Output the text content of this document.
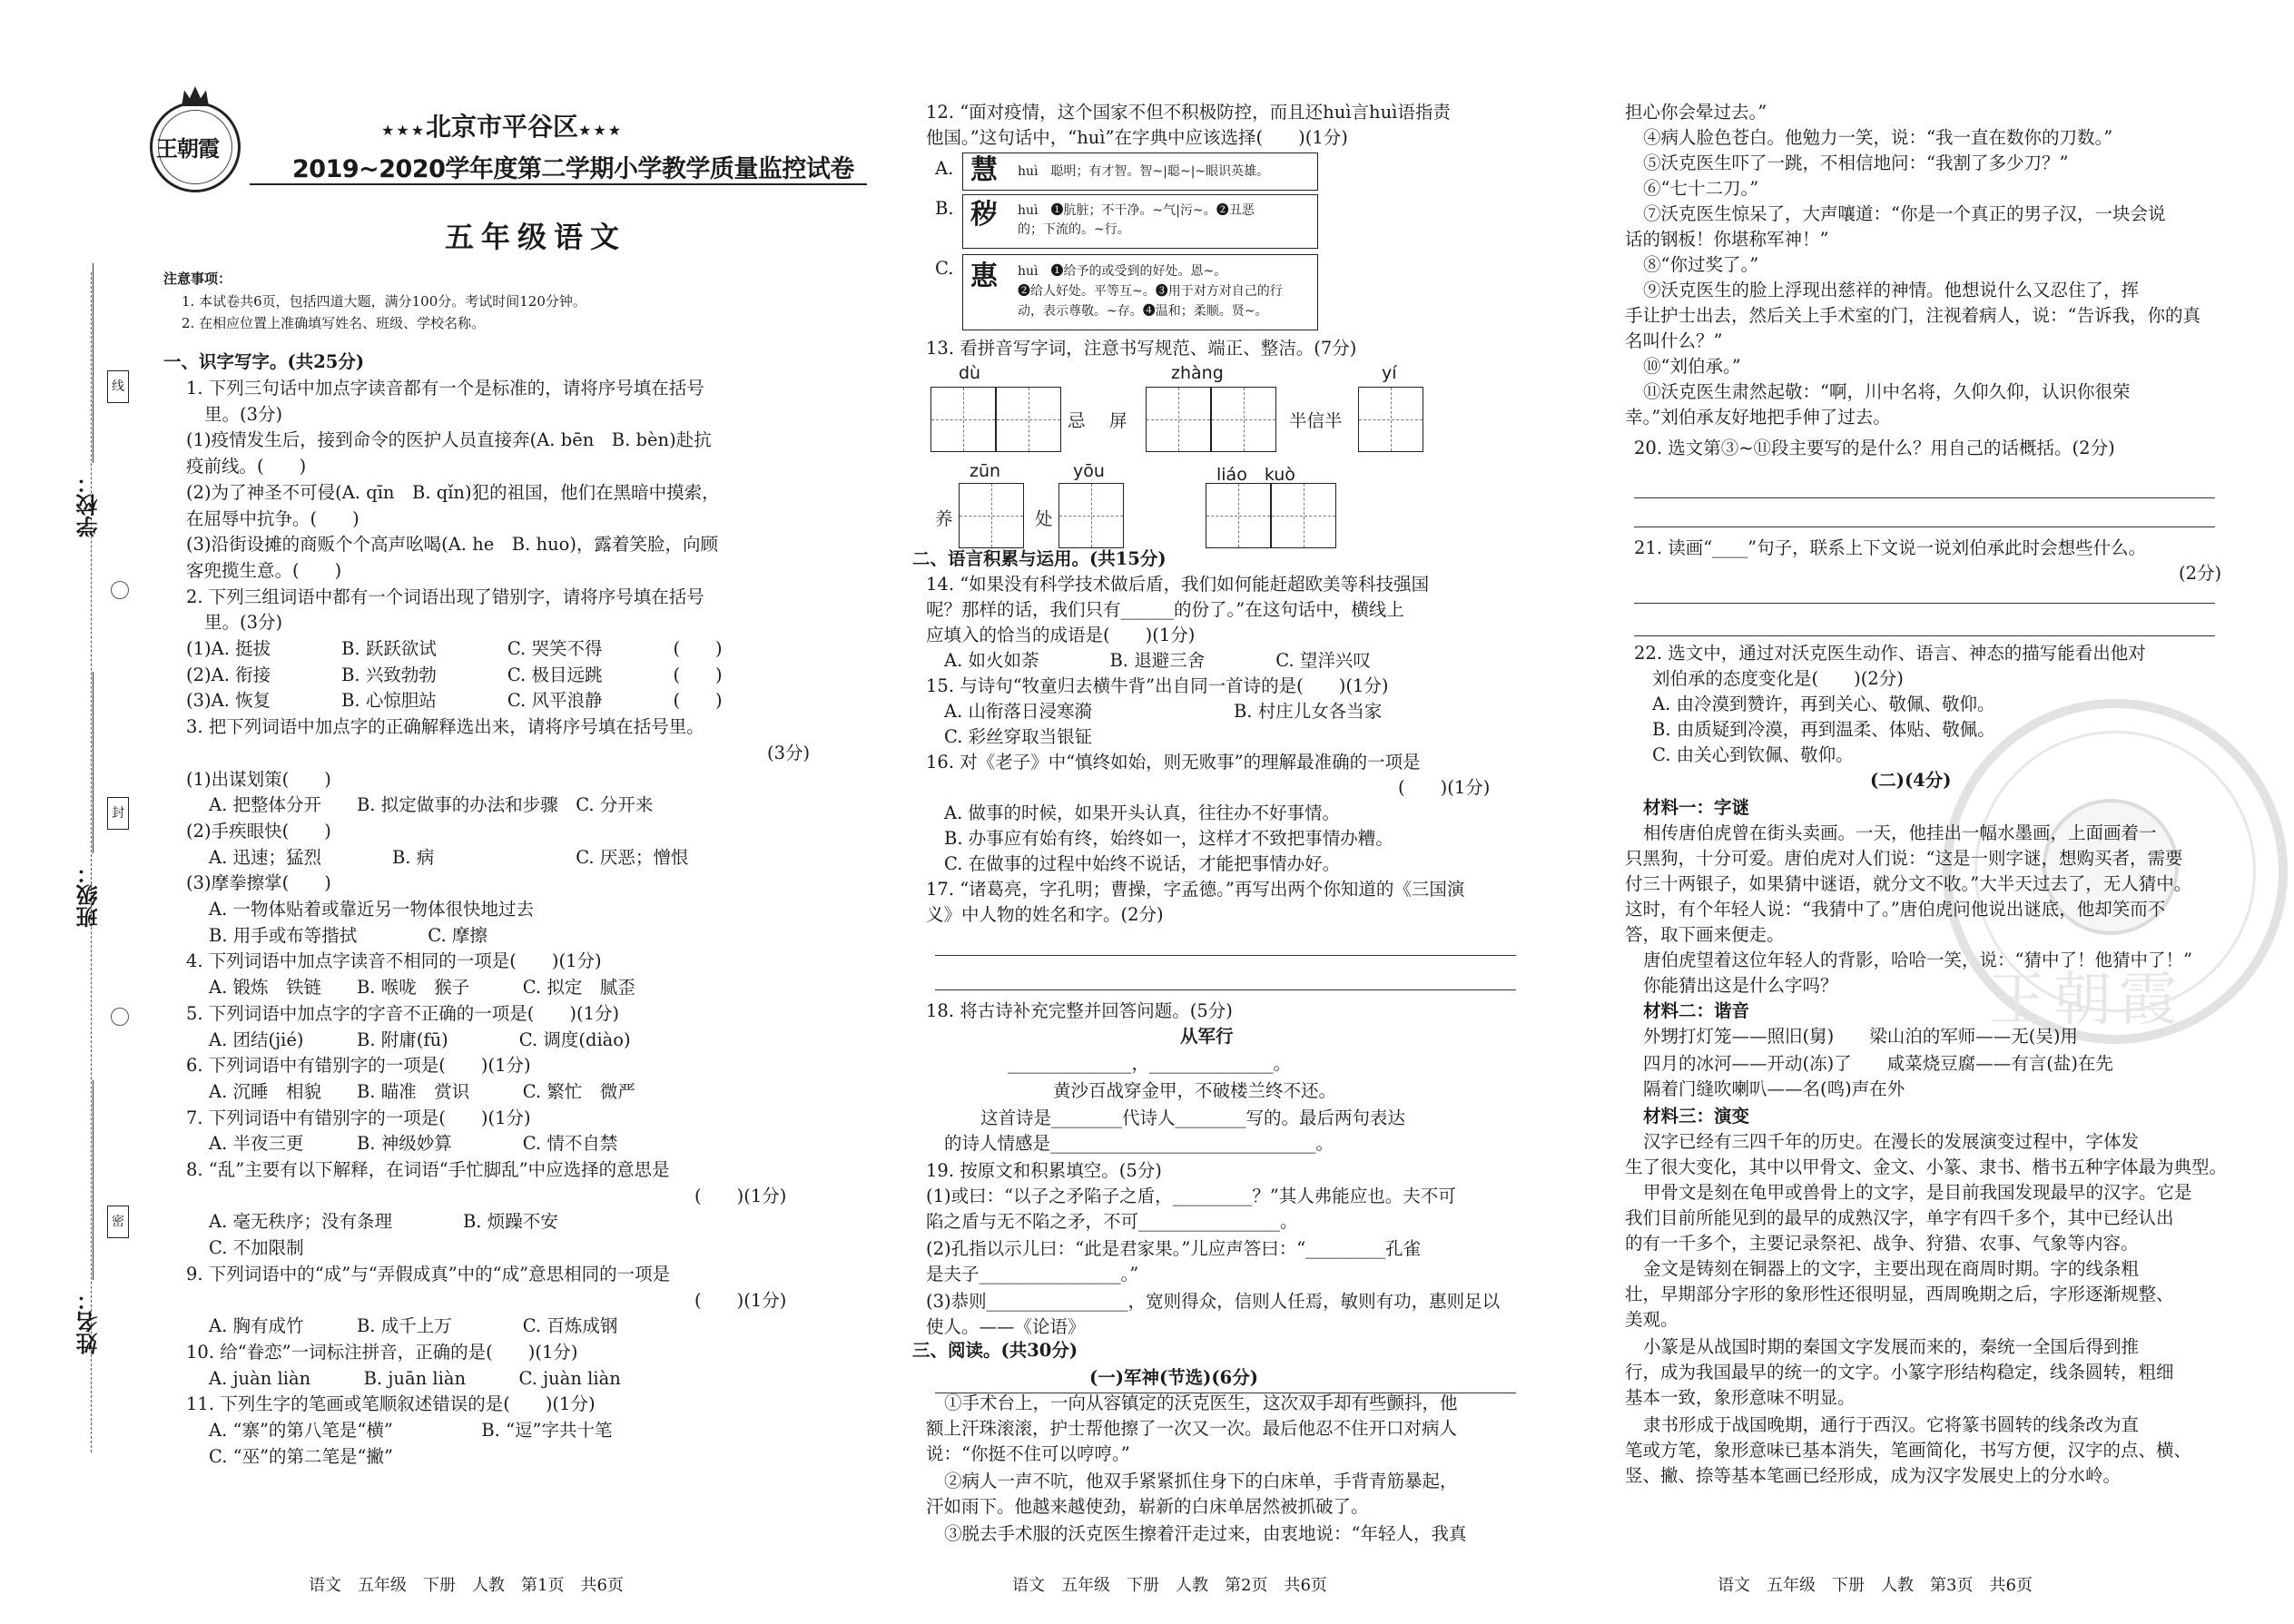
学校：
班级：
姓名：
线
封
密
王朝霞
★★★北京市平谷区★★★
2019~2020学年度第二学期小学教学质量监控试卷
五年级语文
注意事项：
1. 本试卷共6页，包括四道大题，满分100分。考试时间120分钟。
2. 在相应位置上准确填写姓名、班级、学校名称。
一、识字写字。(共25分)
1. 下列三句话中加点字读音都有一个是标准的，请将序号填在括号
里。(3分)
(1)疫情发生后，接到命令的医护人员直接奔(A. bēn　B. bèn)赴抗
疫前线。(　　)
(2)为了神圣不可侵(A. qīn　B. qǐn)犯的祖国，他们在黑暗中摸索，
在屈辱中抗争。(　　)
(3)沿街设摊的商贩个个高声吆喝(A. he　B. huo)，露着笑脸，向顾
客兜揽生意。(　　)
2. 下列三组词语中都有一个词语出现了错别字，请将序号填在括号
里。(3分)
(1)A. 挺拔　　　　B. 跃跃欲试　　　　C. 哭笑不得　　　　(　　)
(2)A. 衔接　　　　B. 兴致勃勃　　　　C. 极目远跳　　　　(　　)
(3)A. 恢复　　　　B. 心惊胆站　　　　C. 风平浪静　　　　(　　)
3. 把下列词语中加点字的正确解释选出来，请将序号填在括号里。
(3分)
(1)出谋划策(　　)
A. 把整体分开　　B. 拟定做事的办法和步骤　C. 分开来
(2)手疾眼快(　　)
A. 迅速；猛烈　　　　B. 病　　　　　　　　C. 厌恶；憎恨
(3)摩拳擦掌(　　)
A. 一物体贴着或靠近另一物体很快地过去
B. 用手或布等揩拭　　　　C. 摩擦
4. 下列词语中加点字读音不相同的一项是(　　)(1分)
A. 锻炼　铁链　　B. 喉咙　猴子　　　C. 拟定　腻歪
5. 下列词语中加点字的字音不正确的一项是(　　)(1分)
A. 团结(jié)　　　B. 附庸(fū)　　　　C. 调度(diào)
6. 下列词语中有错别字的一项是(　　)(1分)
A. 沉睡　相貌　　B. 瞄准　赏识　　　C. 繁忙　微严
7. 下列词语中有错别字的一项是(　　)(1分)
A. 半夜三更　　　B. 神级妙算　　　　C. 情不自禁
8. “乱”主要有以下解释，在词语“手忙脚乱”中应选择的意思是
(　　)(1分)
A. 毫无秩序；没有条理　　　　B. 烦躁不安
C. 不加限制
9. 下列词语中的“成”与“弄假成真”中的“成”意思相同的一项是
(　　)(1分)
A. 胸有成竹　　　B. 成千上万　　　　C. 百炼成钢
10. 给“眷恋”一词标注拼音，正确的是(　　)(1分)
A. juàn liàn　　　B. juān liàn　　　C. juàn liàn
11. 下列生字的笔画或笔顺叙述错误的是(　　)(1分)
A. “寨”的第八笔是“横”　　　　　B. “逗”字共十笔
C. “巫”的第二笔是“撇”
语文　五年级　下册　人教　第1页　共6页
12. “面对疫情，这个国家不但不积极防控，而且还huì言huì语指责
他国。”这句话中，“huì”在字典中应该选择(　　)(1分)
A. 慧 huì　聪明；有才智。智~|聪~|~眼识英雄。
B. 秽 huì　❶肮脏；不干净。~气|污~。❷丑恶
的；下流的。~行。
C. 惠 huì　❶给予的或受到的好处。恩~。
❷给人好处。平等互~。❸用于对方对自己的行
动，表示尊敬。~存。❹温和；柔顺。贤~。
13. 看拼音写字词，注意书写规范、端正、整洁。(7分)
dù
忌
zhàng
屏
yí
半信半
zūn
养	处
yōu	liáo　kuò
二、语言积累与运用。(共15分)
14. “如果没有科学技术做后盾，我们如何能赶超欧美等科技强国
呢？那样的话，我们只有______的份了。”在这句话中，横线上
应填入的恰当的成语是(　　)(1分)
A. 如火如荼　　　　B. 退避三舍　　　　C. 望洋兴叹
15. 与诗句“牧童归去横牛背”出自同一首诗的是(　　)(1分)
A. 山衔落日浸寒漪　　　　　　　　B. 村庄儿女各当家
C. 彩丝穿取当银钲
16. 对《老子》中“慎终如始，则无败事”的理解最准确的一项是
(　　)(1分)
A. 做事的时候，如果开头认真，往往办不好事情。
B. 办事应有始有终，始终如一，这样才不致把事情办糟。
C. 在做事的过程中始终不说话，才能把事情办好。
17. “诸葛亮，字孔明；曹操，字孟德。”再写出两个你知道的《三国演
义》中人物的姓名和字。(2分)
18. 将古诗补充完整并回答问题。(5分)
从军行
______________，______________。
黄沙百战穿金甲，不破楼兰终不还。
这首诗是________代诗人________写的。最后两句表达
的诗人情感是______________________________。
19. 按原文和积累填空。(5分)
(1)或曰：“以子之矛陷子之盾，_________？”其人弗能应也。夫不可
陷之盾与无不陷之矛，不可________________。
(2)孔指以示儿曰：“此是君家果。”儿应声答曰：“_________孔雀
是夫子________________。”
(3)恭则________________，宽则得众，信则人任焉，敏则有功，惠则足以
使人。——《论语》
三、阅读。(共30分)
(一)军神(节选)(6分)
①手术台上，一向从容镇定的沃克医生，这次双手却有些颤抖，他
额上汗珠滚滚，护士帮他擦了一次又一次。最后他忍不住开口对病人
说：“你挺不住可以哼哼。”
②病人一声不吭，他双手紧紧抓住身下的白床单，手背青筋暴起，
汗如雨下。他越来越使劲，崭新的白床单居然被抓破了。
③脱去手术服的沃克医生擦着汗走过来，由衷地说：“年轻人，我真
语文　五年级　下册　人教　第2页　共6页
王朝霞
担心你会晕过去。”
④病人脸色苍白。他勉力一笑，说：“我一直在数你的刀数。”
⑤沃克医生吓了一跳，不相信地问：“我割了多少刀？”
⑥“七十二刀。”
⑦沃克医生惊呆了，大声嚷道：“你是一个真正的男子汉，一块会说
话的钢板！你堪称军神！”
⑧“你过奖了。”
⑨沃克医生的脸上浮现出慈祥的神情。他想说什么又忍住了，挥
手让护士出去，然后关上手术室的门，注视着病人，说：“告诉我，你的真
名叫什么？”
⑩“刘伯承。”
⑪沃克医生肃然起敬：“啊，川中名将，久仰久仰，认识你很荣
幸。”刘伯承友好地把手伸了过去。
20. 选文第③~⑪段主要写的是什么？用自己的话概括。(2分)
21. 读画“____”句子，联系上下文说一说刘伯承此时会想些什么。
(2分)
22. 选文中，通过对沃克医生动作、语言、神态的描写能看出他对
刘伯承的态度变化是(　　)(2分)
A. 由冷漠到赞许，再到关心、敬佩、敬仰。
B. 由质疑到冷漠，再到温柔、体贴、敬佩。
C. 由关心到钦佩、敬仰。
(二)(4分)
材料一：字谜
相传唐伯虎曾在街头卖画。一天，他挂出一幅水墨画，上面画着一
只黑狗，十分可爱。唐伯虎对人们说：“这是一则字谜，想购买者，需要
付三十两银子，如果猜中谜语，就分文不收。”大半天过去了，无人猜中。
这时，有个年轻人说：“我猜中了。”唐伯虎问他说出谜底，他却笑而不
答，取下画来便走。
唐伯虎望着这位年轻人的背影，哈哈一笑，说：“猜中了！他猜中了！”
你能猜出这是什么字吗？
材料二：谐音
外甥打灯笼——照旧(舅)　　梁山泊的军师——无(吴)用
四月的冰河——开动(冻)了　　咸菜烧豆腐——有言(盐)在先
隔着门缝吹喇叭——名(鸣)声在外
材料三：演变
汉字已经有三四千年的历史。在漫长的发展演变过程中，字体发
生了很大变化，其中以甲骨文、金文、小篆、隶书、楷书五种字体最为典型。
甲骨文是刻在龟甲或兽骨上的文字，是目前我国发现最早的汉字。它是
我们目前所能见到的最早的成熟汉字，单字有四千多个，其中已经认出
的有一千多个，主要记录祭祀、战争、狩猎、农事、气象等内容。
金文是铸刻在铜器上的文字，主要出现在商周时期。字的线条粗
壮，早期部分字形的象形性还很明显，西周晚期之后，字形逐渐规整、
美观。
小篆是从战国时期的秦国文字发展而来的，秦统一全国后得到推
行，成为我国最早的统一的文字。小篆字形结构稳定，线条圆转，粗细
基本一致，象形意味不明显。
隶书形成于战国晚期，通行于西汉。它将篆书圆转的线条改为直
笔或方笔，象形意味已基本消失，笔画简化，书写方便，汉字的点、横、
竖、撇、捺等基本笔画已经形成，成为汉字发展史上的分水岭。
语文　五年级　下册　人教　第3页　共6页
